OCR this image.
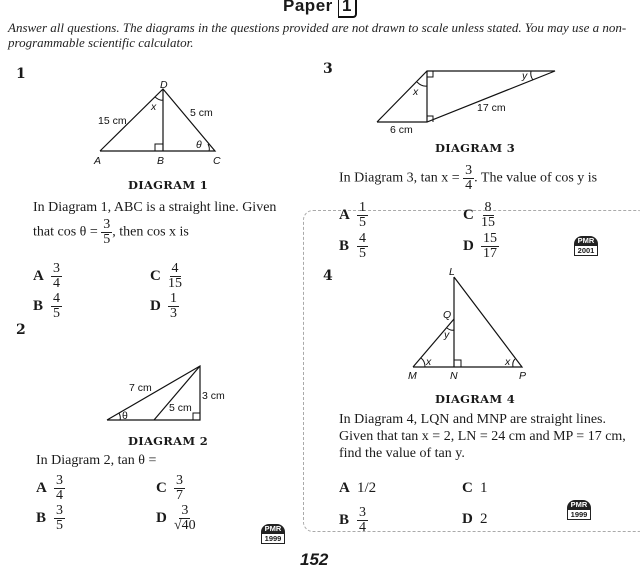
Paper 1
Answer all questions. The diagrams in the questions provided are not drawn to scale unless stated. You may use a non-programmable scientific calculator.
1
D
x
15 cm
5 cm
θ
A	B	C
DIAGRAM 1
In Diagram 1, ABC is a straight line. Given
that $\cos \theta = \frac{3}{5}$ , then cos x is
A $\frac{3}{4}$
B $\frac{4}{5}$
C $\frac{4}{15}$
D $\frac{1}{3}$
2
7 cm
5 cm
3 cm
θ
DIAGRAM 2
In Diagram 2, tan θ =
A $\frac{3}{4}$
B $\frac{3}{5}$
C $\frac{3}{7}$
D $\frac{3}{√40}$	PMR
1999
3
x
y
17 cm
6 cm
DIAGRAM 3
In Diagram 3, $\tan x = \frac{3}{4}$ . The value of cos y is
A $\frac{1}{5}$
B $\frac{4}{5}$
C $\frac{8}{15}$
D $\frac{15}{17}$	PMR
2001
4	L
Q
y
x	x
M	N	P
DIAGRAM 4
In Diagram 4, LQN and MNP are straight lines. Given that tan x = 2, LN = 24 cm and MP = 17 cm, find the value of tan y.
A 1/2
B $\frac{3}{4}$
C 1
D 2
PMR
1999
152
